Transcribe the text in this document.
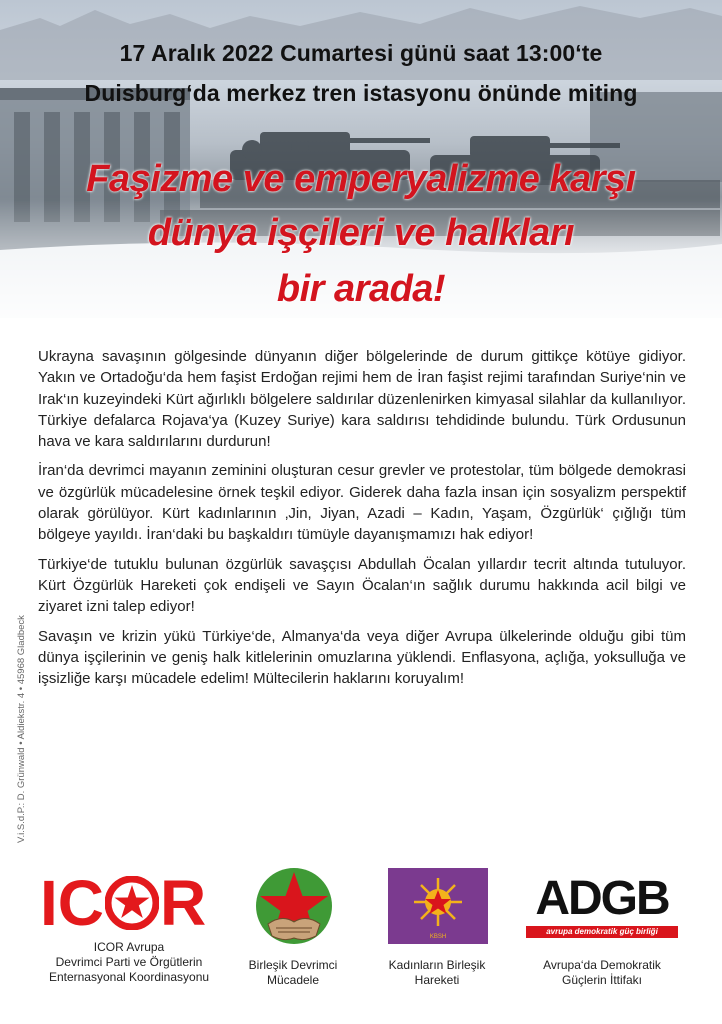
17 Aralık 2022 Cumartesi günü saat 13:00‘te
Duisburg‘da merkez tren istasyonu önünde miting
Faşizme ve emperyalizme karşı
dünya işçileri ve halkları
bir arada!
V.i.S.d.P.: D. Grünwald • Aldiekstr. 4 • 45968 Gladbeck

Ukrayna savaşının gölgesinde dünyanın diğer bölgelerinde de durum gittikçe kötüye gidiyor. Yakın ve Ortadoğu‘da hem faşist Erdoğan rejimi hem de İran faşist rejimi tarafından Suriye‘nin ve Irak‘ın kuzeyindeki Kürt ağırlıklı bölgelere saldırılar düzenlenirken kimyasal silahlar da kullanılıyor. Türkiye defalarca Rojava‘ya (Kuzey Suriye) kara saldırısı tehdidinde bulundu. Türk Ordusunun hava ve kara saldırılarını durdurun!

İran‘da devrimci mayanın zeminini oluşturan cesur grevler ve protestolar, tüm bölgede demokrasi ve özgürlük mücadelesine örnek teşkil ediyor. Giderek daha fazla insan için sosyalizm perspektif olarak görülüyor. Kürt kadınlarının ‚Jin, Jiyan, Azadi – Kadın, Yaşam, Özgürlük‘ çığlığı tüm bölgeye yayıldı. İran‘daki bu başkaldırı tümüyle dayanışmamızı hak ediyor!

Türkiye‘de tutuklu bulunan özgürlük savaşçısı Abdullah Öcalan yıllardır tecrit altında tutuluyor. Kürt Özgürlük Hareketi çok endişeli ve Sayın Öcalan‘ın sağlık durumu hakkında acil bilgi ve ziyaret izni talep ediyor!

Savaşın ve krizin yükü Türkiye‘de, Almanya‘da veya diğer Avrupa ülkelerinde olduğu gibi tüm dünya işçilerinin ve geniş halk kitlelerinin omuzlarına yüklendi. Enflasyona, açlığa, yoksulluğa ve işsizliğe karşı mücadele edelim! Mültecilerin haklarını koruyalım!

IC R
ICOR Avrupa
Devrimci Parti ve Örgütlerin
Enternasyonal Koordinasyonu
Birleşik Devrimci
Mücadele
KBSH
Kadınların Birleşik
Hareketi
ADGB
avrupa demokratik güç birliği
Avrupa‘da Demokratik
Güçlerin İttifakı
